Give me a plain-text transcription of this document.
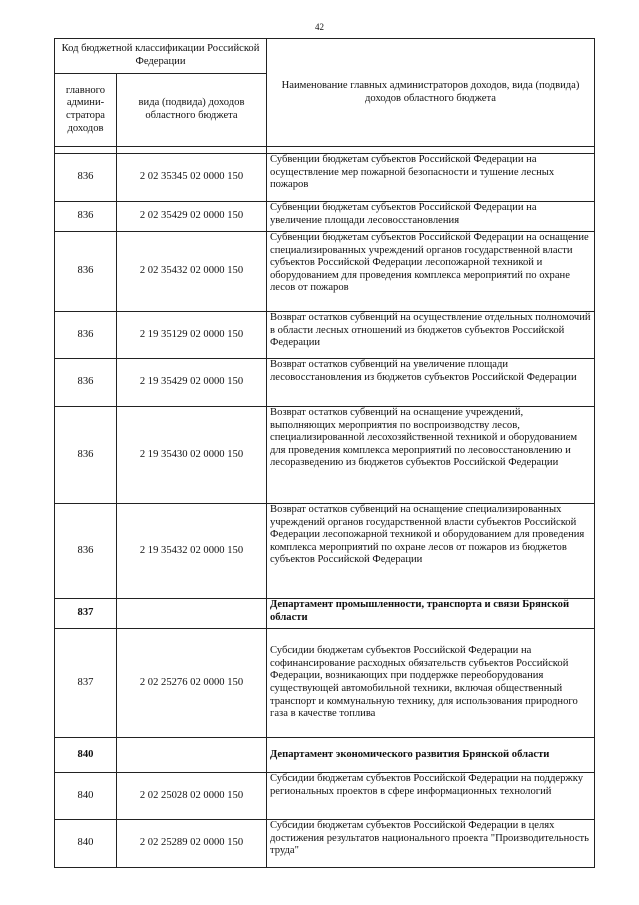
42
Код бюджетной классификации Российской Федерации		Наименование главных администраторов доходов, вида (подвида) доходов областного бюджета
главного админи- стратора доходов	вида (подвида) доходов областного бюджета	

836	2 02 35345 02 0000 150	Субвенции бюджетам субъектов Российской Федерации на осуществление мер пожарной безопасности и тушение лесных пожаров
836	2 02 35429 02 0000 150	Субвенции бюджетам субъектов Российской Федерации на увеличение площади лесовосстановления
836	2 02 35432 02 0000 150	Субвенции бюджетам субъектов Российской Федерации на оснащение специализированных учреждений органов государственной власти субъектов Российской Федерации лесопожарной техникой и оборудованием для проведения комплекса мероприятий по охране лесов от пожаров
836	2 19 35129 02 0000 150	Возврат остатков субвенций на осуществление отдельных полномочий в области лесных отношений из бюджетов субъектов Российской Федерации
836	2 19 35429 02 0000 150	Возврат остатков субвенций на увеличение площади лесовосстановления из бюджетов субъектов Российской Федерации
836	2 19 35430 02 0000 150	Возврат остатков субвенций на оснащение учреждений, выполняющих мероприятия по воспроизводству лесов, специализированной лесохозяйственной техникой и оборудованием для проведения комплекса мероприятий по лесовосстановлению и лесоразведению из бюджетов субъектов Российской Федерации
836	2 19 35432 02 0000 150	Возврат остатков субвенций на оснащение специализированных учреждений органов государственной власти субъектов Российской Федерации лесопожарной техникой и оборудованием для проведения комплекса мероприятий по охране лесов от пожаров из бюджетов субъектов Российской Федерации
837		Департамент промышленности, транспорта и связи Брянской области
837	2 02 25276 02 0000 150	Субсидии бюджетам субъектов Российской Федерации на софинансирование расходных обязательств субъектов Российской Федерации, возникающих при поддержке переоборудования существующей автомобильной техники, включая общественный транспорт и коммунальную технику, для использования природного газа в качестве топлива
840		Департамент экономического развития Брянской области
840	2 02 25028 02 0000 150	Субсидии бюджетам субъектов Российской Федерации на поддержку региональных проектов в сфере информационных технологий
840	2 02 25289 02 0000 150	Субсидии бюджетам субъектов Российской Федерации в целях достижения результатов национального проекта "Производительность труда"
